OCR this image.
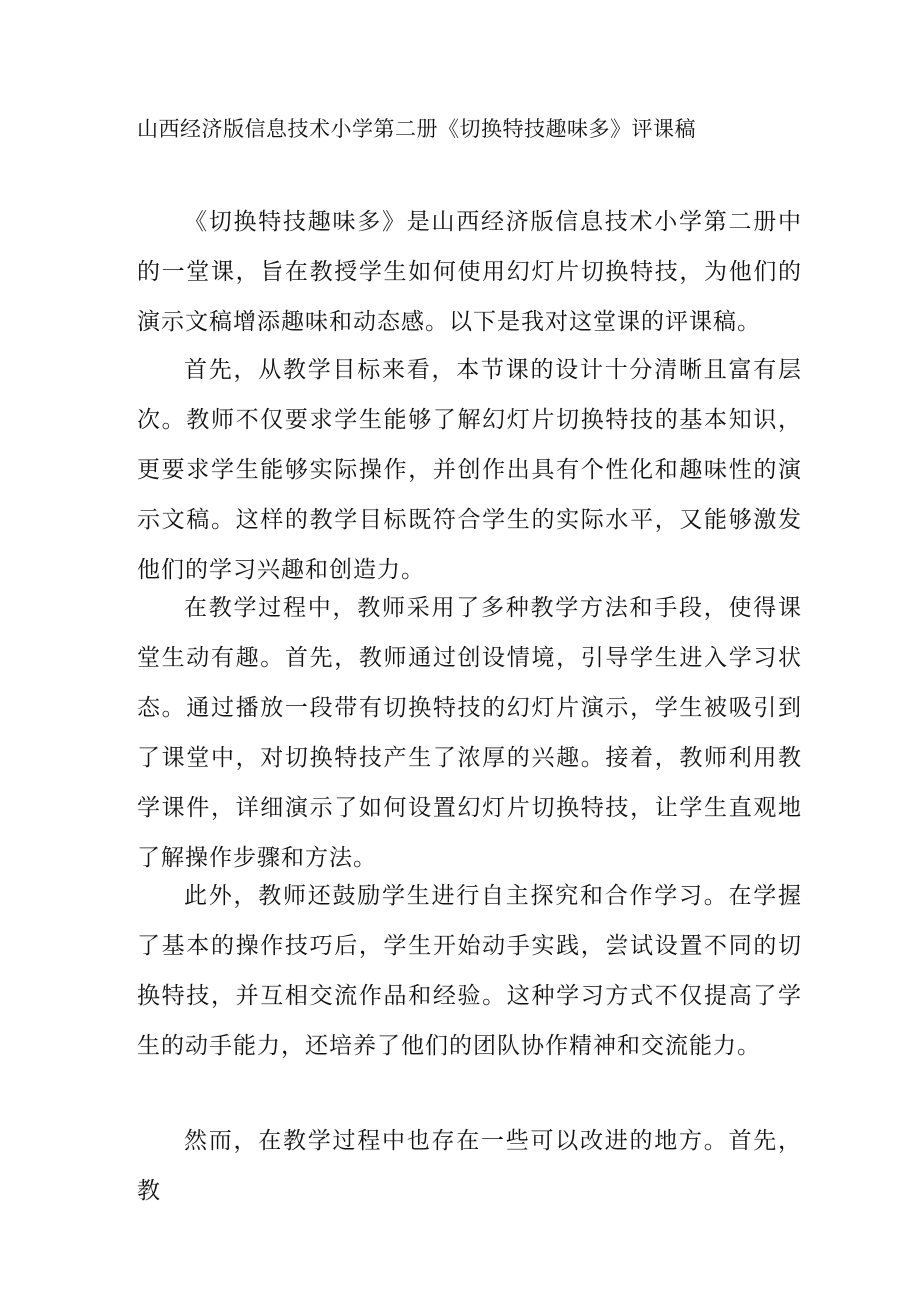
山西经济版信息技术小学第二册《切换特技趣味多》评课稿

《切换特技趣味多》是山西经济版信息技术小学第二册中的一堂课，旨在教授学生如何使用幻灯片切换特技，为他们的演示文稿增添趣味和动态感。以下是我对这堂课的评课稿。

首先，从教学目标来看，本节课的设计十分清晰且富有层次。教师不仅要求学生能够了解幻灯片切换特技的基本知识，更要求学生能够实际操作，并创作出具有个性化和趣味性的演示文稿。这样的教学目标既符合学生的实际水平，又能够激发他们的学习兴趣和创造力。

在教学过程中，教师采用了多种教学方法和手段，使得课堂生动有趣。首先，教师通过创设情境，引导学生进入学习状态。通过播放一段带有切换特技的幻灯片演示，学生被吸引到了课堂中，对切换特技产生了浓厚的兴趣。接着，教师利用教学课件，详细演示了如何设置幻灯片切换特技，让学生直观地了解操作步骤和方法。

此外，教师还鼓励学生进行自主探究和合作学习。在学握了基本的操作技巧后，学生开始动手实践，尝试设置不同的切换特技，并互相交流作品和经验。这种学习方式不仅提高了学生的动手能力，还培养了他们的团队协作精神和交流能力。

然而，在教学过程中也存在一些可以改进的地方。首先，教
